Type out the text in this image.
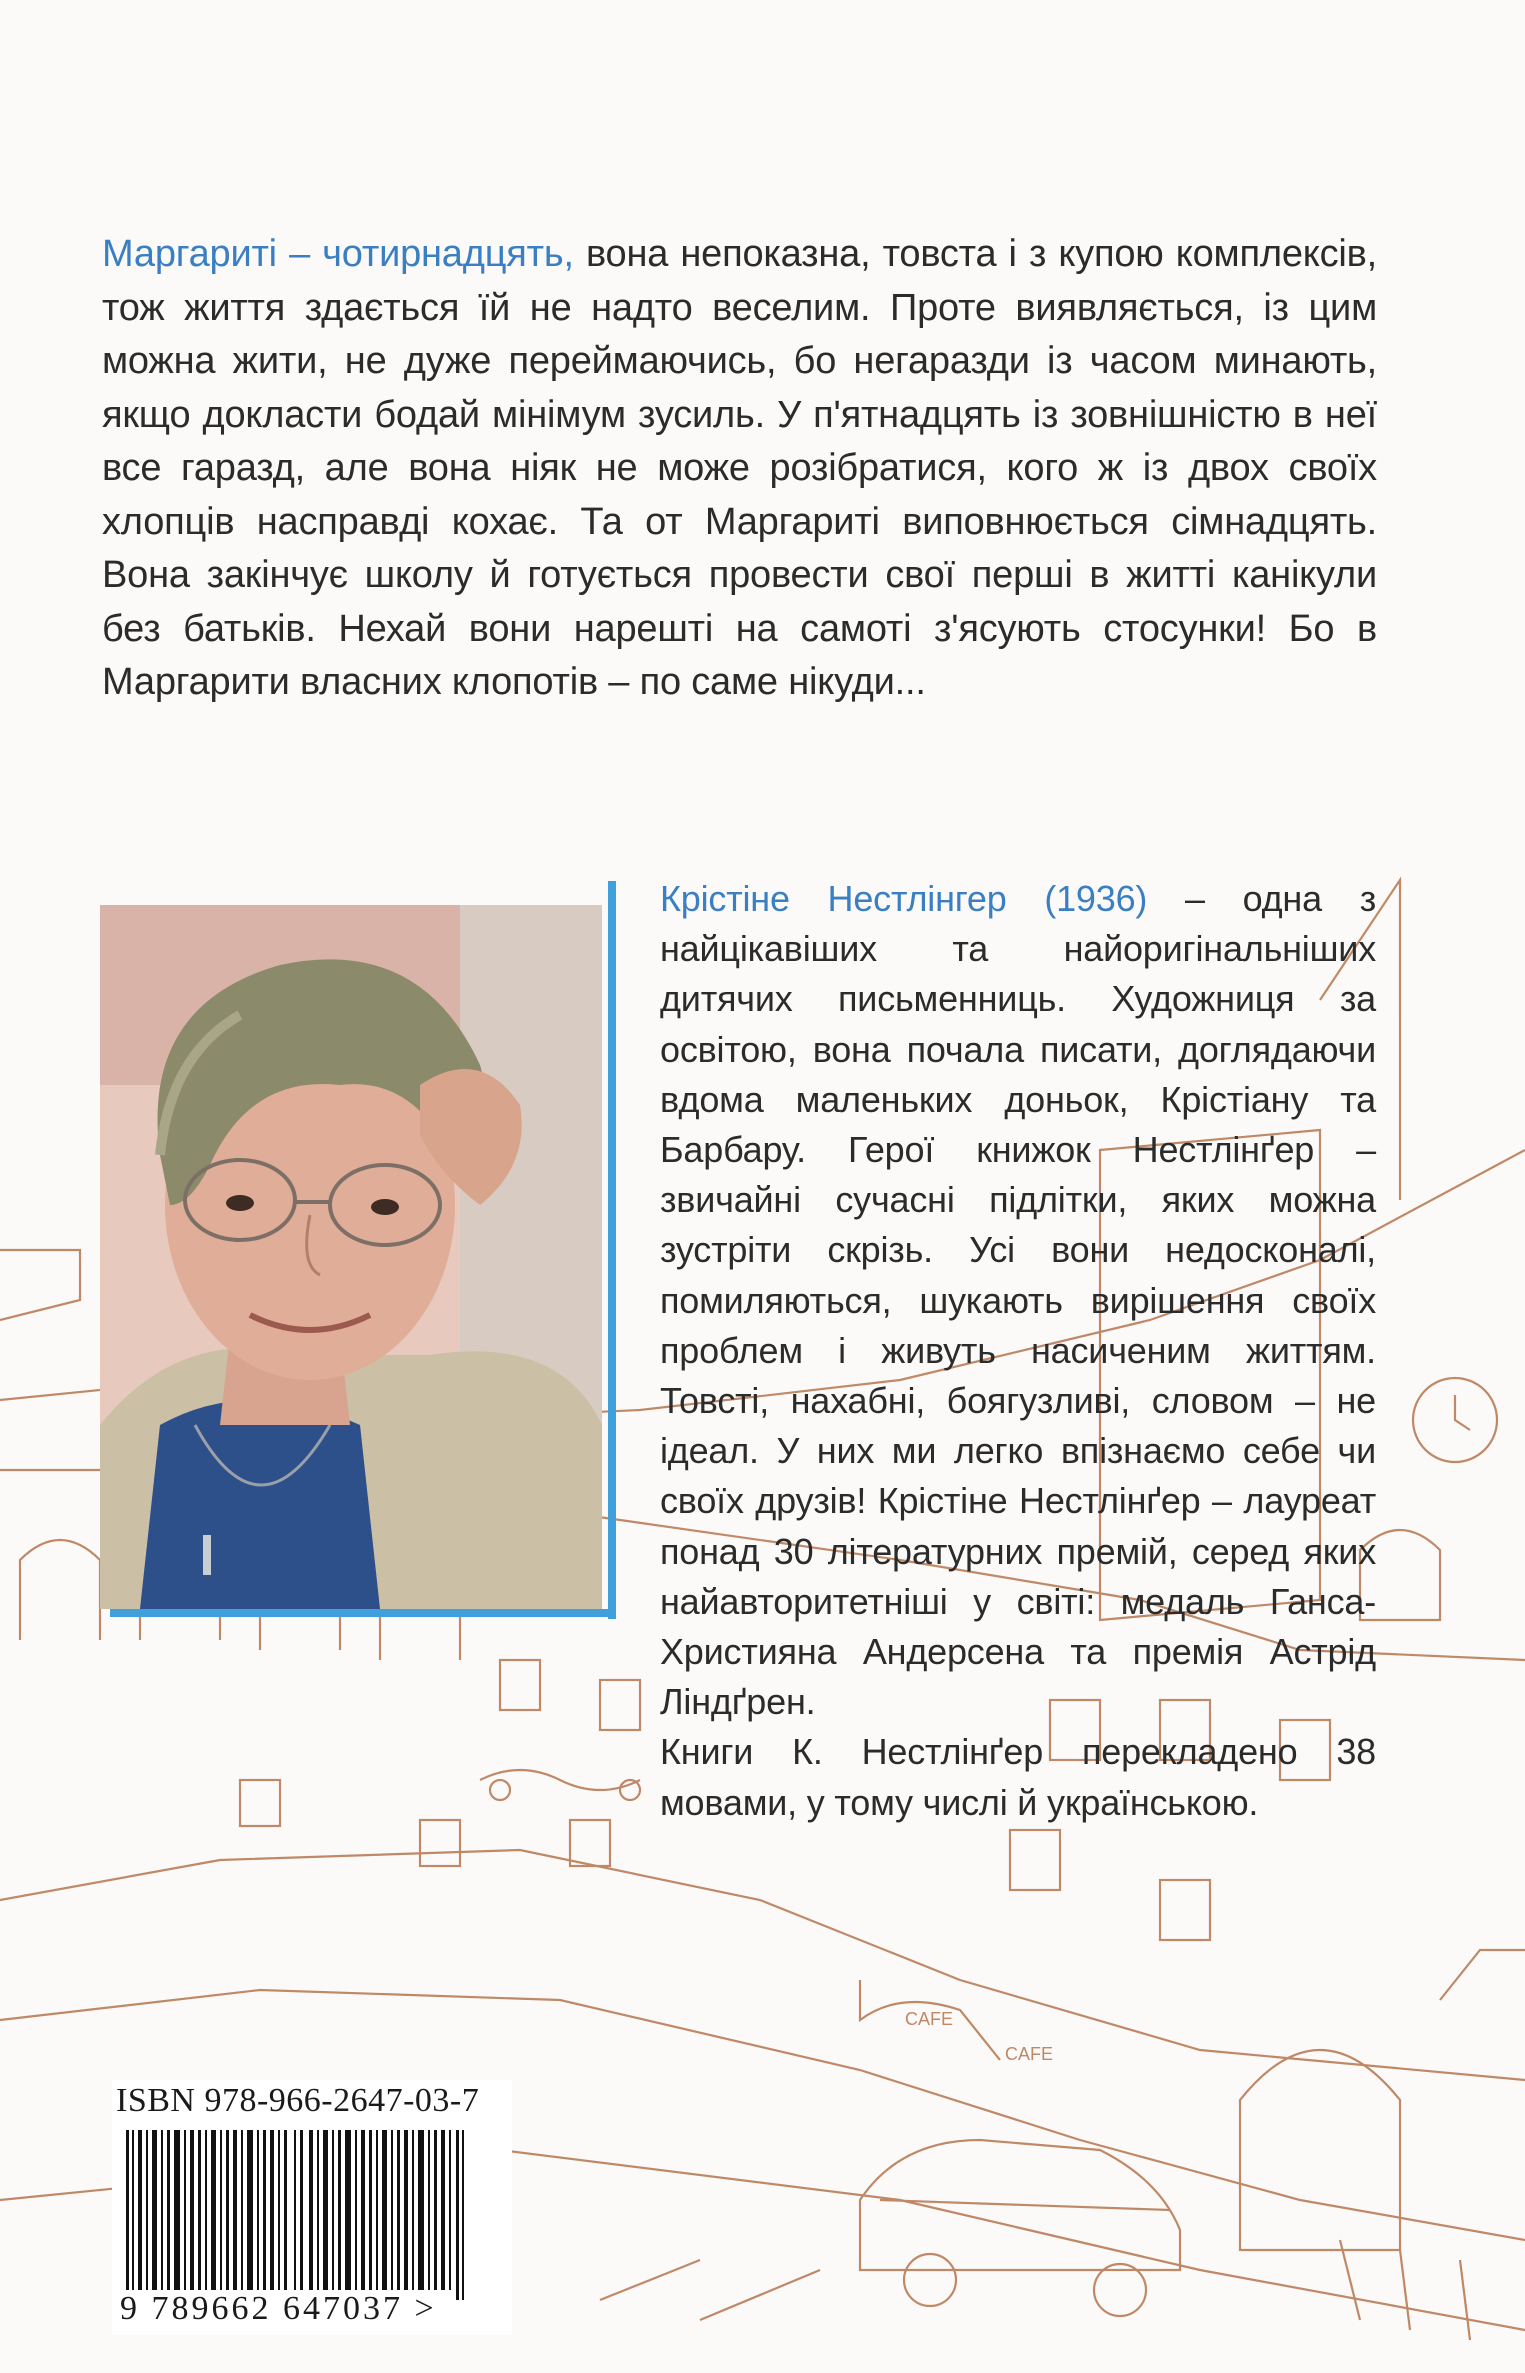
CAFE
CAFE
Маргариті – чотирнадцять, вона непоказна, товста і з купою комплексів, тож життя здається їй не надто веселим. Проте виявляється, із цим можна жити, не дуже переймаючись, бо негаразди із часом минають, якщо докласти бодай мінімум зусиль. У п'ятнадцять із зовнішністю в неї все гаразд, але вона ніяк не може розібратися, кого ж із двох своїх хлопців насправді кохає. Та от Маргариті виповнюється сімнадцять. Вона закінчує школу й готується провести свої перші в житті канікули без батьків. Нехай вони нарешті на самоті з'ясують стосунки! Бо в Маргарити власних клопотів – по саме нікуди...

Крістіне Нестлінгер (1936) – одна з найцікавіших та найоригінальніших дитячих письменниць. Художниця за освітою, вона почала писати, доглядаючи вдома маленьких доньок, Крістіану та Барбару. Герої книжок Нестлінґер – звичайні сучасні підлітки, яких можна зустріти скрізь. Усі вони недосконалі, помиляються, шукають вирішення своїх проблем і живуть насиченим життям. Товсті, нахабні, боягузливі, словом – не ідеал. У них ми легко впізнаємо себе чи своїх друзів! Крістіне Нестлінґер – лауреат понад 30 літературних премій, серед яких найавторитетніші у світі: медаль Ганса-Християна Андерсена та премія Астрід Ліндґрен.

Книги К. Нестлінґер перекладено 38 мовами, у тому числі й українською.

ISBN 978-966-2647-03-7
9 789662 647037 >
